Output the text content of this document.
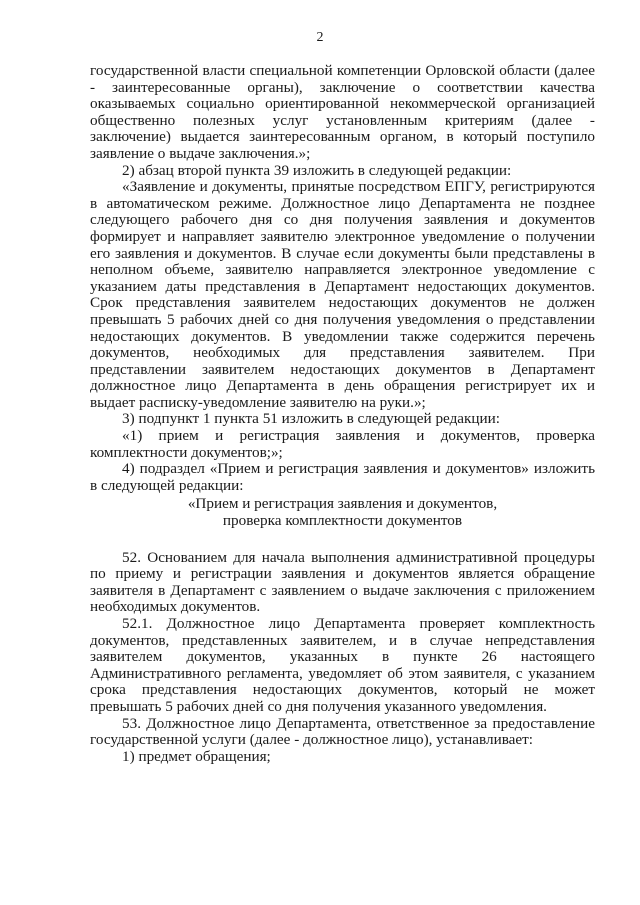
2

государственной власти специальной компетенции Орловской области (далее - заинтересованные органы), заключение о соответствии качества оказываемых социально ориентированной некоммерческой организацией общественно полезных услуг установленным критериям (далее - заключение) выдается заинтересованным органом, в который поступило заявление о выдаче заключения.»;

2) абзац второй пункта 39 изложить в следующей редакции:

«Заявление и документы, принятые посредством ЕПГУ, регистрируются в автоматическом режиме. Должностное лицо Департамента не позднее следующего рабочего дня со дня получения заявления и документов формирует и направляет заявителю электронное уведомление о получении его заявления и документов. В случае если документы были представлены в неполном объеме, заявителю направляется электронное уведомление с указанием даты представления в Департамент недостающих документов. Срок представления заявителем недостающих документов не должен превышать 5 рабочих дней со дня получения уведомления о представлении недостающих документов. В уведомлении также содержится перечень документов, необходимых для представления заявителем. При представлении заявителем недостающих документов в Департамент должностное лицо Департамента в день обращения регистрирует их и выдает расписку-уведомление заявителю на руки.»;

3) подпункт 1 пункта 51 изложить в следующей редакции:

«1) прием и регистрация заявления и документов, проверка комплектности документов;»;

4) подраздел «Прием и регистрация заявления и документов» изложить в следующей редакции:

«Прием и регистрация заявления и документов,

проверка комплектности документов

52. Основанием для начала выполнения административной процедуры по приему и регистрации заявления и документов является обращение заявителя в Департамент с заявлением о выдаче заключения с приложением необходимых документов.

52.1. Должностное лицо Департамента проверяет комплектность документов, представленных заявителем, и в случае непредставления заявителем документов, указанных в пункте 26 настоящего Административного регламента, уведомляет об этом заявителя, с указанием срока представления недостающих документов, который не может превышать 5 рабочих дней со дня получения указанного уведомления.

53. Должностное лицо Департамента, ответственное за предоставление государственной услуги (далее - должностное лицо), устанавливает:

1) предмет обращения;
